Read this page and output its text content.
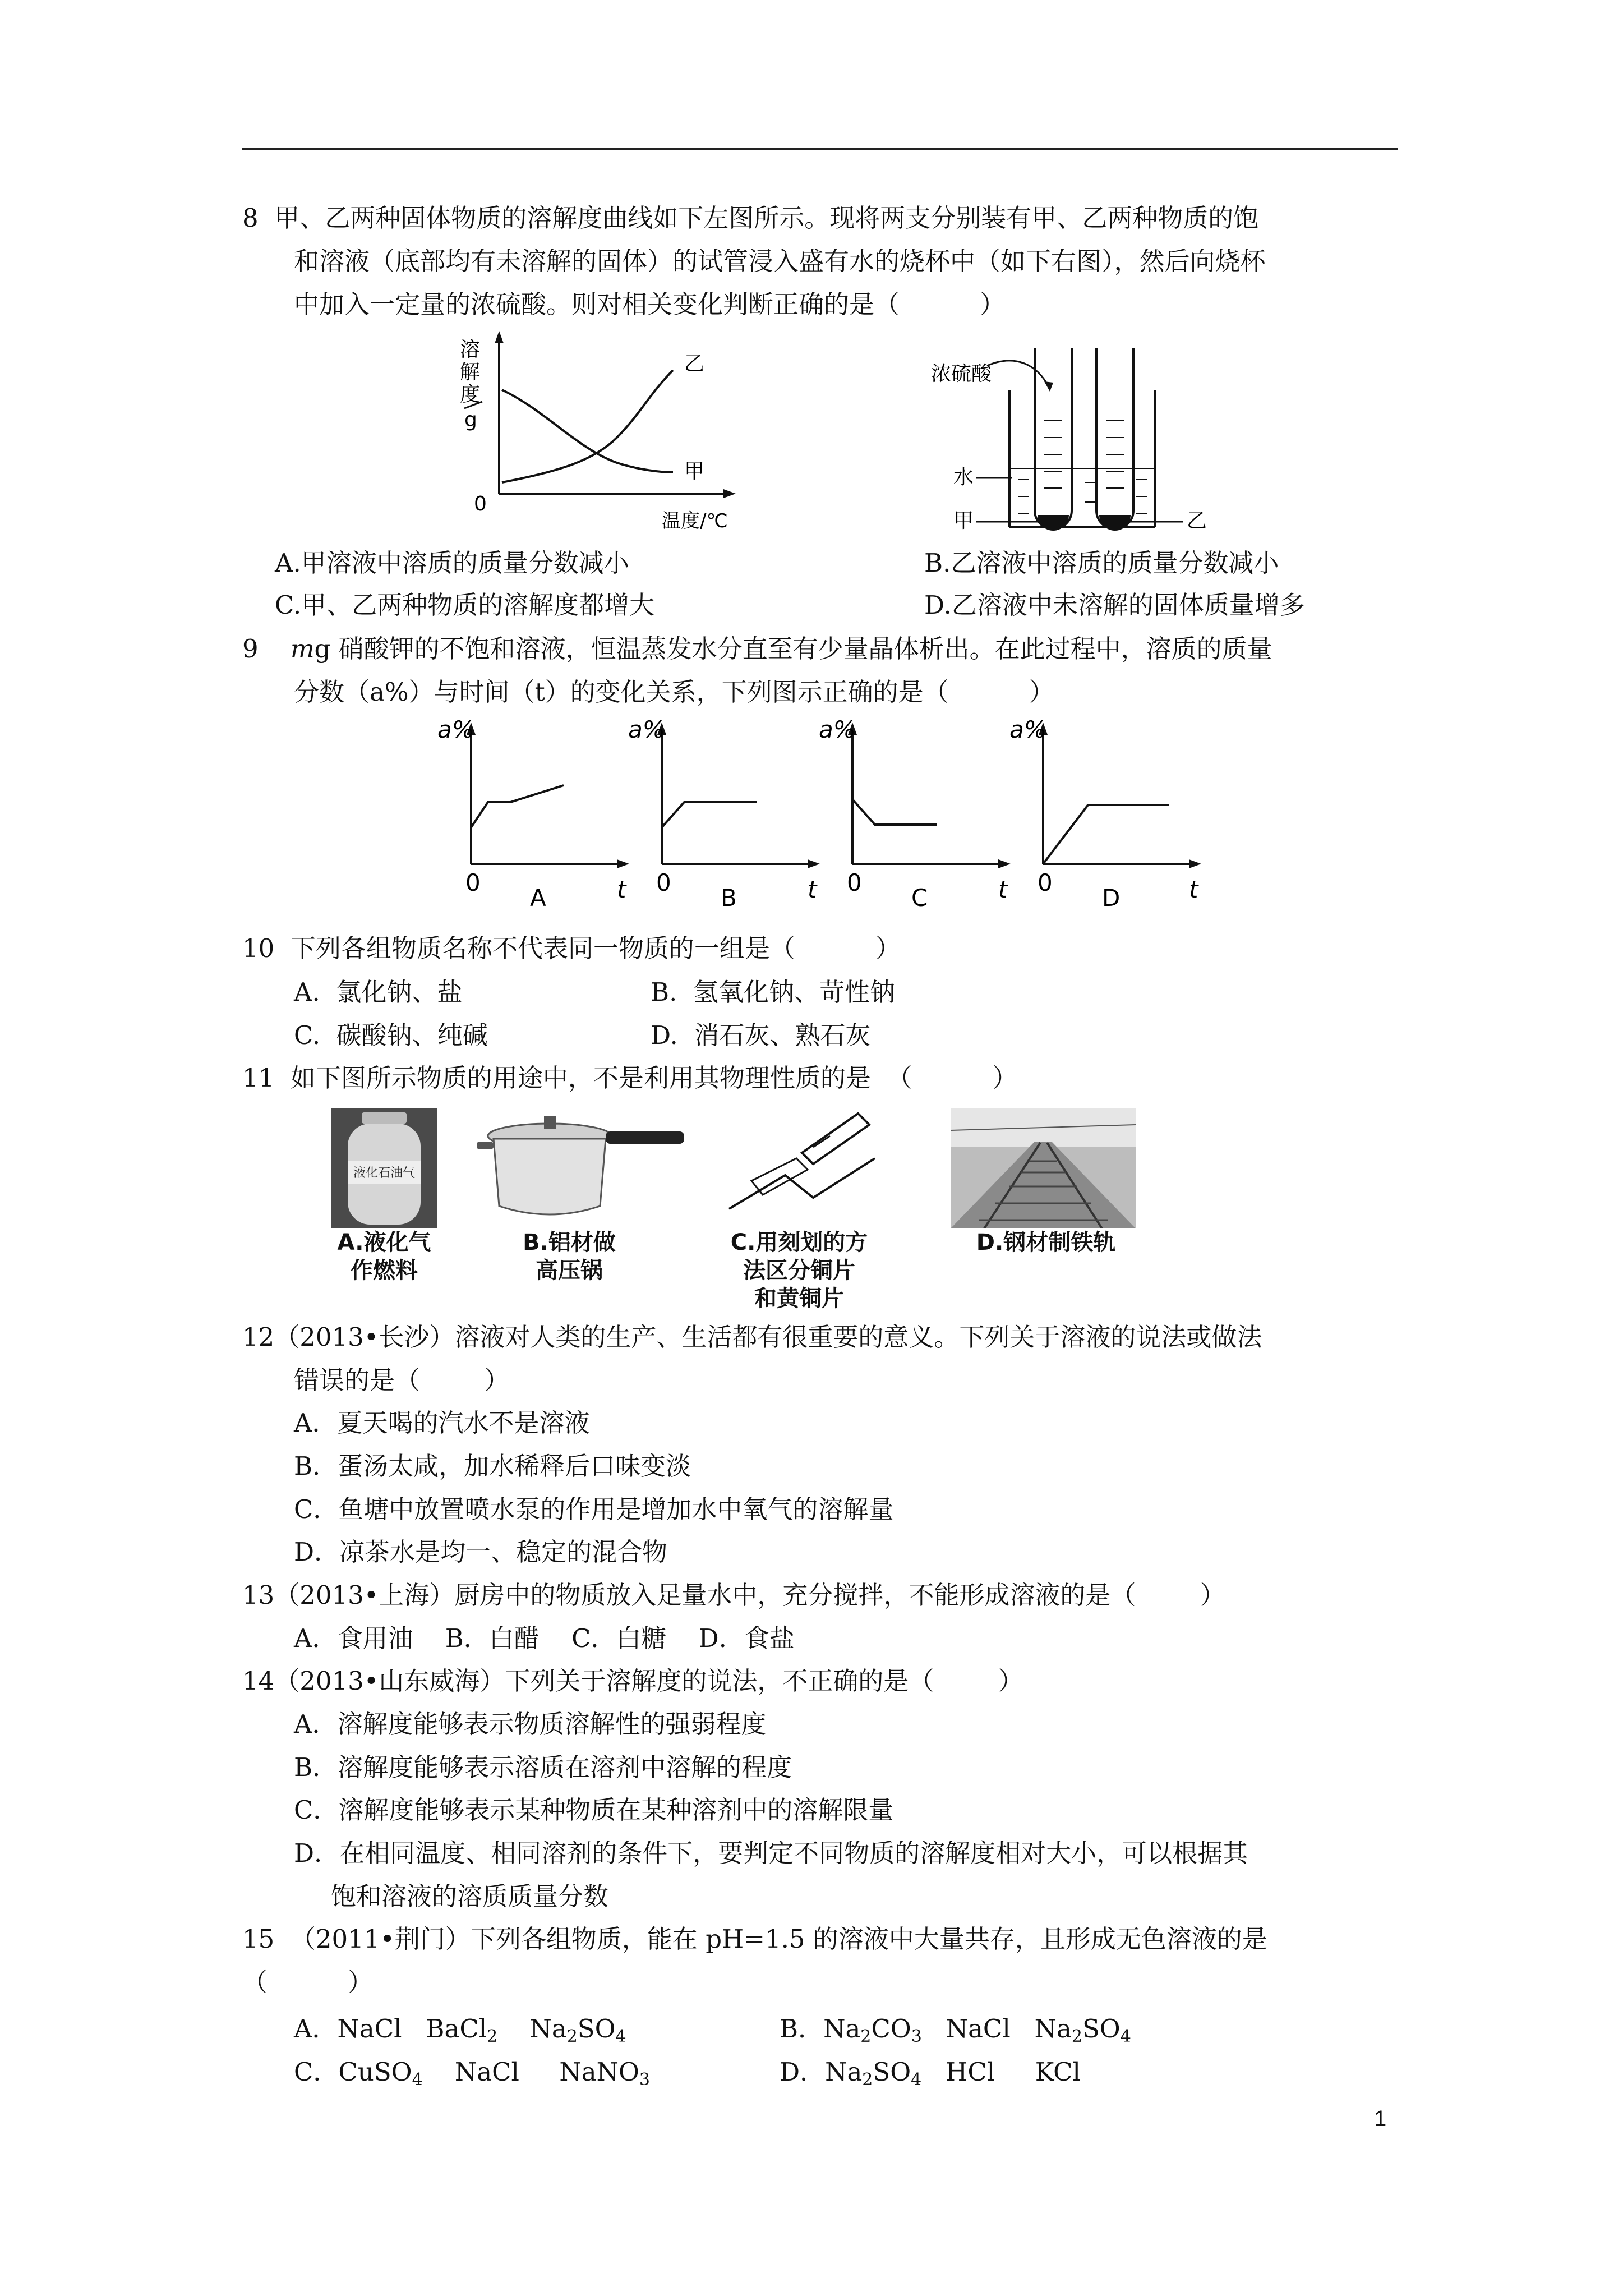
8  甲、乙两种固体物质的溶解度曲线如下左图所示。现将两支分别装有甲、乙两种物质的饱
和溶液（底部均有未溶解的固体）的试管浸入盛有水的烧杯中（如下右图），然后向烧杯
中加入一定量的浓硫酸。则对相关变化判断正确的是（          ）
溶
解
度
g
0
温度/℃
乙
甲
浓硫酸
水
甲	乙
A.甲溶液中溶质的质量分数减小	B.乙溶液中溶质的质量分数减小
C.甲、乙两种物质的溶解度都增大	D.乙溶液中未溶解的固体质量增多
9    mg 硝酸钾的不饱和溶液，恒温蒸发水分直至有少量晶体析出。在此过程中，溶质的质量
分数（a%）与时间（t）的变化关系，下列图示正确的是（          ）
a%
0	t
A
a%
0	t
B
a%
0	t
C
a%
0	t
D
10  下列各组物质名称不代表同一物质的一组是（          ）
A.  氯化钠、盐	B.  氢氧化钠、苛性钠
C.  碳酸钠、纯碱	D.  消石灰、熟石灰
11  如下图所示物质的用途中，不是利用其物理性质的是  （          ）
液化石油气
A.液化气
作燃料
B.铝材做
高压锅
C.用刻划的方
法区分铜片
和黄铜片
D.钢材制铁轨
12（2013•长沙）溶液对人类的生产、生活都有很重要的意义。下列关于溶液的说法或做法
错误的是（        ）
A．夏天喝的汽水不是溶液
B．蛋汤太咸，加水稀释后口味变淡
C．鱼塘中放置喷水泵的作用是增加水中氧气的溶解量
D．凉茶水是均一、稳定的混合物
13（2013•上海）厨房中的物质放入足量水中，充分搅拌，不能形成溶液的是（        ）
A．食用油    B．白醋    C．白糖    D．食盐
14（2013•山东威海）下列关于溶解度的说法，不正确的是（        ）
A．溶解度能够表示物质溶解性的强弱程度
B．溶解度能够表示溶质在溶剂中溶解的程度
C．溶解度能够表示某种物质在某种溶剂中的溶解限量
D．在相同温度、相同溶剂的条件下，要判定不同物质的溶解度相对大小，可以根据其
饱和溶液的溶质质量分数
15  （2011•荆门）下列各组物质，能在 pH=1.5 的溶液中大量共存，且形成无色溶液的是
（          ）
A．NaCl   BaCl$_2$    $Na_2SO_4$	B．$Na_2CO_3$   NaCl   $Na_2SO_4$
C．CuSO$_4$    NaCl     NaNO$_3$	D．$Na_2SO_4$   HCl     KCl
1
